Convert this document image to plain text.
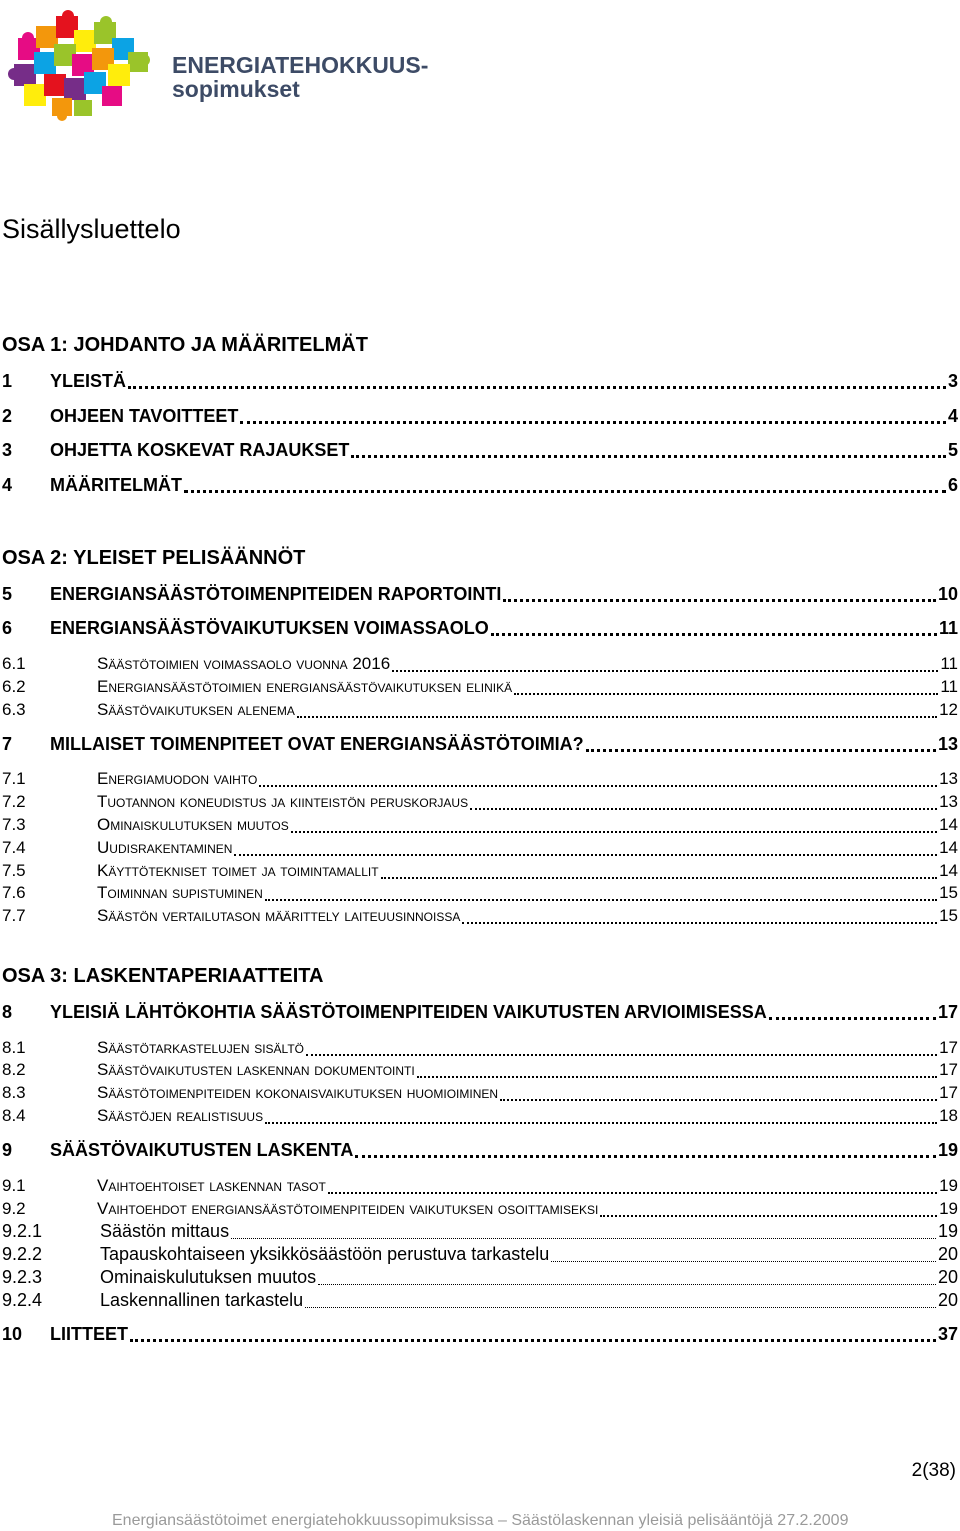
ENERGIATEHOKKUUS-
sopimukset
Sisällysluettelo
OSA 1: JOHDANTO JA MÄÄRITELMÄT
OSA 2: YLEISET PELISÄÄNNÖT
OSA 3: LASKENTAPERIAATTEITA
1	YLEISTÄ	3
2	OHJEEN TAVOITTEET	4
3	OHJETTA KOSKEVAT RAJAUKSET	5
4	MÄÄRITELMÄT	6
5	ENERGIANSÄÄSTÖTOIMENPITEIDEN RAPORTOINTI	10
6	ENERGIANSÄÄSTÖVAIKUTUKSEN VOIMASSAOLO	11
6.1	Säästötoimien voimassaolo vuonna 2016	11
6.2	Energiansäästötoimien energiansäästövaikutuksen elinikä	11
6.3	Säästövaikutuksen alenema	12
7	MILLAISET TOIMENPITEET OVAT ENERGIANSÄÄSTÖTOIMIA?	13
7.1	Energiamuodon vaihto	13
7.2	Tuotannon koneudistus ja kiinteistön peruskorjaus	13
7.3	Ominaiskulutuksen muutos	14
7.4	Uudisrakentaminen	14
7.5	Käyttötekniset toimet ja toimintamallit	14
7.6	Toiminnan supistuminen	15
7.7	Säästön vertailutason määrittely laiteuusinnoissa	15
8	YLEISIÄ LÄHTÖKOHTIA SÄÄSTÖTOIMENPITEIDEN VAIKUTUSTEN ARVIOIMISESSA	17
8.1	Säästötarkastelujen sisältö	17
8.2	Säästövaikutusten laskennan dokumentointi	17
8.3	Säästötoimenpiteiden kokonaisvaikutuksen huomioiminen	17
8.4	Säästöjen realistisuus	18
9	SÄÄSTÖVAIKUTUSTEN LASKENTA	19
9.1	Vaihtoehtoiset laskennan tasot	19
9.2	Vaihtoehdot energiansäästötoimenpiteiden vaikutuksen osoittamiseksi	19
9.2.1	Säästön mittaus	19
9.2.2	Tapauskohtaiseen yksikkösäästöön perustuva tarkastelu	20
9.2.3	Ominaiskulutuksen muutos	20
9.2.4	Laskennallinen tarkastelu	20
10	LIITTEET	37
2(38)
Energiansäästötoimet energiatehokkuussopimuksissa – Säästölaskennan yleisiä pelisääntöjä 27.2.2009
